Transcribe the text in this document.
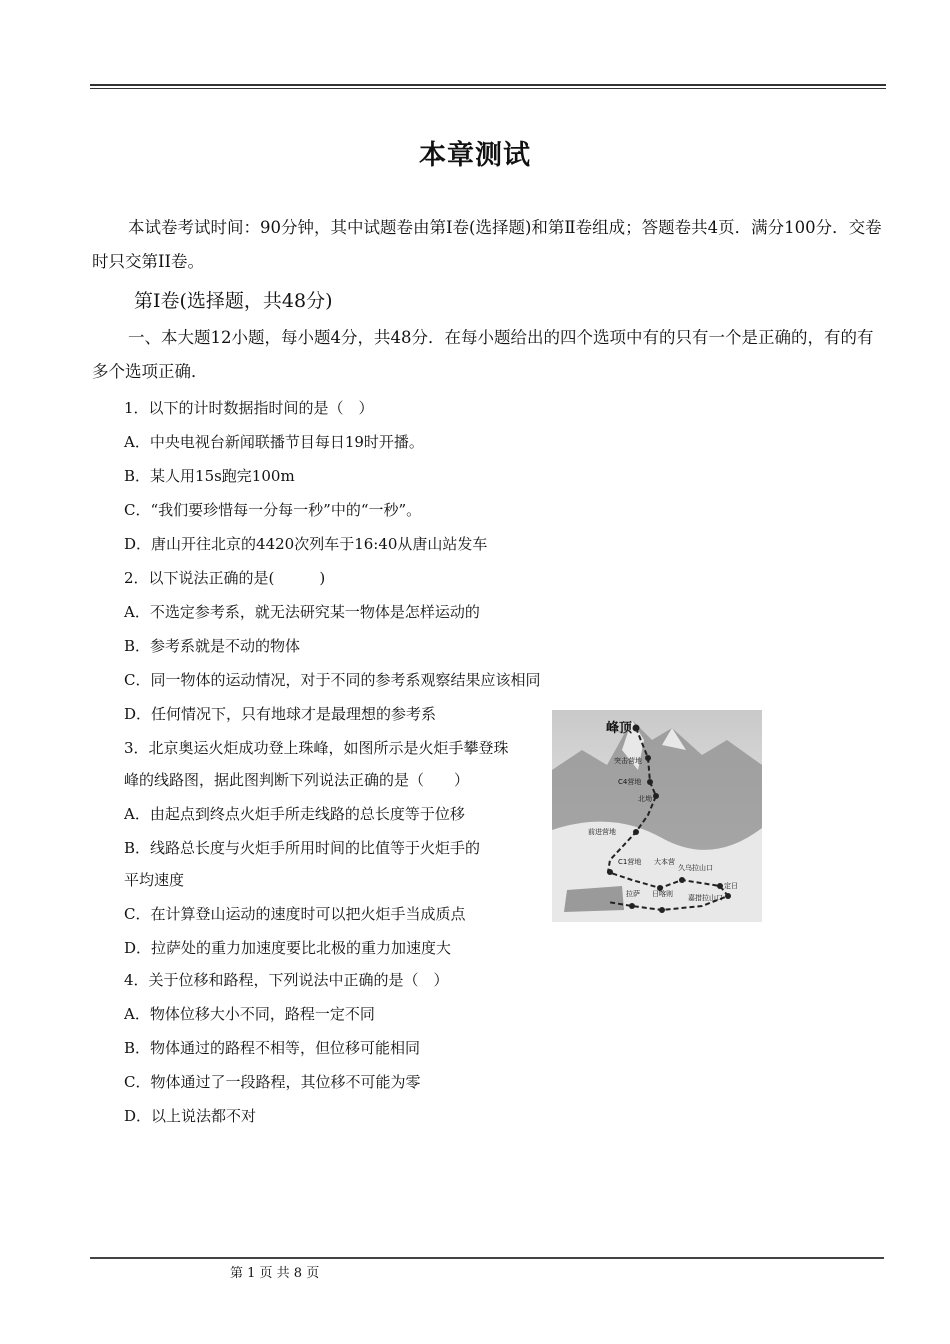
本章测试
本试卷考试时间：90分钟，其中试题卷由第Ⅰ卷(选择题)和第Ⅱ卷组成；答题卷共4页．满分100分．交卷时只交第II卷。
第Ⅰ卷(选择题，共48分)
一、本大题12小题，每小题4分，共48分．在每小题给出的四个选项中有的只有一个是正确的，有的有多个选项正确．
1．以下的计时数据指时间的是（　）
A．中央电视台新闻联播节目每日19时开播。
B．某人用15s跑完100m
C．“我们要珍惜每一分每一秒”中的“一秒”。
D．唐山开往北京的4420次列车于16:40从唐山站发车
2．以下说法正确的是(　　　)
A．不选定参考系，就无法研究某一物体是怎样运动的
B．参考系就是不动的物体
C．同一物体的运动情况，对于不同的参考系观察结果应该相同
D．任何情况下，只有地球才是最理想的参考系
3．北京奥运火炬成功登上珠峰，如图所示是火炬手攀登珠
峰的线路图，据此图判断下列说法正确的是（　　）
A．由起点到终点火炬手所走线路的总长度等于位移
B．线路总长度与火炬手所用时间的比值等于火炬手的
平均速度
C．在计算登山运动的速度时可以把火炬手当成质点
D．拉萨处的重力加速度要比北极的重力加速度大
4．关于位移和路程，下列说法中正确的是（　）
A．物体位移大小不同，路程一定不同
B．物体通过的路程不相等，但位移可能相同
C．物体通过了一段路程，其位移不可能为零
D．以上说法都不对
峰顶
突击营地
C4营地
北坳
前进营地
C1营地 大本营
久乌拉山口
定日
拉萨 日喀则 嘉措拉山口
第 1 页 共 8 页
